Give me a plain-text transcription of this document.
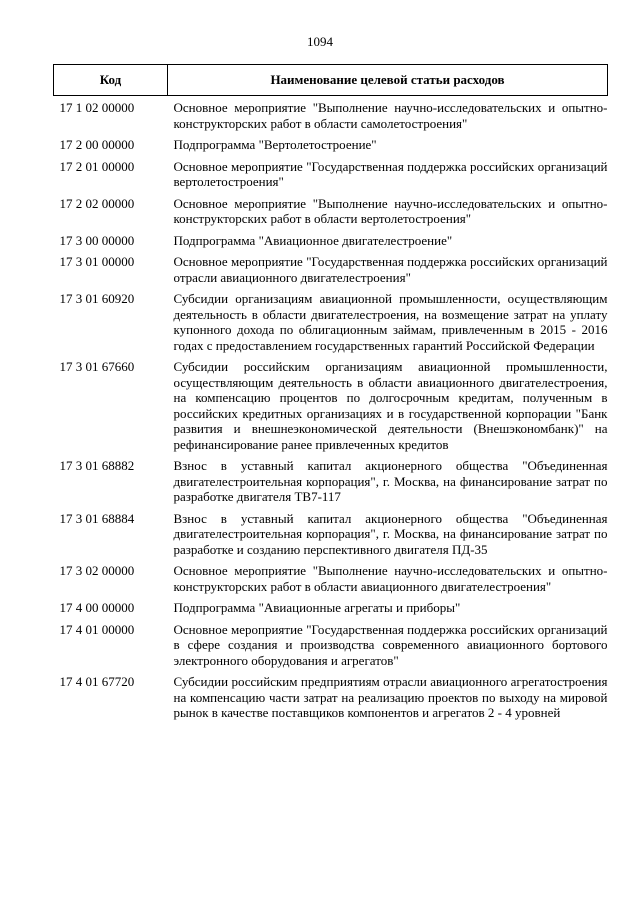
1094
Код	Наименование целевой статьи расходов
17 1 02 00000	Основное мероприятие "Выполнение научно-исследовательских и опытно-конструкторских работ в области самолетостроения"
17 2 00 00000	Подпрограмма "Вертолетостроение"
17 2 01 00000	Основное мероприятие "Государственная поддержка российских организаций вертолетостроения"
17 2 02 00000	Основное мероприятие "Выполнение научно-исследовательских и опытно-конструкторских работ в области вертолетостроения"
17 3 00 00000	Подпрограмма "Авиационное двигателестроение"
17 3 01 00000	Основное мероприятие "Государственная поддержка российских организаций отрасли авиационного двигателестроения"
17 3 01 60920	Субсидии организациям авиационной промышленности, осуществляющим деятельность в области двигателестроения, на возмещение затрат на уплату купонного дохода по облигационным займам, привлеченным в 2015 - 2016 годах с предоставлением государственных гарантий Российской Федерации
17 3 01 67660	Субсидии российским организациям авиационной промышленности, осуществляющим деятельность в области авиационного двигателестроения, на компенсацию процентов по долгосрочным кредитам, полученным в российских кредитных организациях и в государственной корпорации "Банк развития и внешнеэкономической деятельности (Внешэкономбанк)" на рефинансирование ранее привлеченных кредитов
17 3 01 68882	Взнос в уставный капитал акционерного общества "Объединенная двигателестроительная корпорация", г. Москва, на финансирование затрат по разработке двигателя ТВ7-117
17 3 01 68884	Взнос в уставный капитал акционерного общества "Объединенная двигателестроительная корпорация", г. Москва, на финансирование затрат по разработке и созданию перспективного двигателя ПД-35
17 3 02 00000	Основное мероприятие "Выполнение научно-исследовательских и опытно-конструкторских работ в области авиационного двигателестроения"
17 4 00 00000	Подпрограмма "Авиационные агрегаты и приборы"
17 4 01 00000	Основное мероприятие "Государственная поддержка российских организаций в сфере создания и производства современного авиационного бортового электронного оборудования и агрегатов"
17 4 01 67720	Субсидии российским предприятиям отрасли авиационного агрегатостроения на компенсацию части затрат на реализацию проектов по выходу на мировой рынок в качестве поставщиков компонентов и агрегатов 2 - 4 уровней
